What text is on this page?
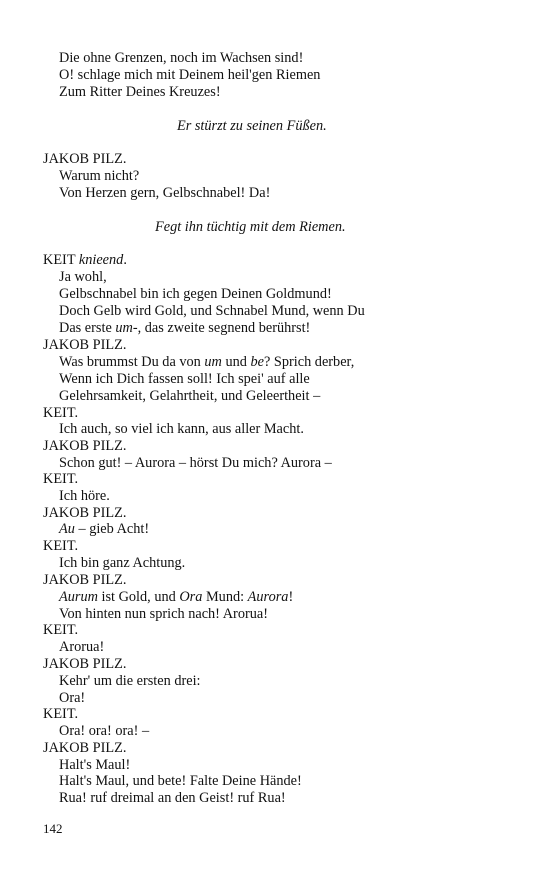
Die ohne Grenzen, noch im Wachsen sind!
O! schlage mich mit Deinem heil'gen Riemen
Zum Ritter Deines Kreuzes!
Er stürzt zu seinen Füßen.
JAKOB PILZ.
Warum nicht?
Von Herzen gern, Gelbschnabel! Da!
Fegt ihn tüchtig mit dem Riemen.
KEIT knieend.
Ja wohl,
Gelbschnabel bin ich gegen Deinen Goldmund!
Doch Gelb wird Gold, und Schnabel Mund, wenn Du
Das erste um-, das zweite segnend berührst!
JAKOB PILZ.
Was brummst Du da von um und be? Sprich derber,
Wenn ich Dich fassen soll! Ich spei' auf alle
Gelehrsamkeit, Gelahrtheit, und Geleertheit –
KEIT.
Ich auch, so viel ich kann, aus aller Macht.
JAKOB PILZ.
Schon gut! – Aurora – hörst Du mich? Aurora –
KEIT.
Ich höre.
JAKOB PILZ.
Au – gieb Acht!
KEIT.
Ich bin ganz Achtung.
JAKOB PILZ.
Aurum ist Gold, und Ora Mund: Aurora!
Von hinten nun sprich nach! Arorua!
KEIT.
Arorua!
JAKOB PILZ.
Kehr' um die ersten drei:
Ora!
KEIT.
Ora! ora! ora! –
JAKOB PILZ.
Halt's Maul!
Halt's Maul, und bete! Falte Deine Hände!
Rua! ruf dreimal an den Geist! ruf Rua!
142
